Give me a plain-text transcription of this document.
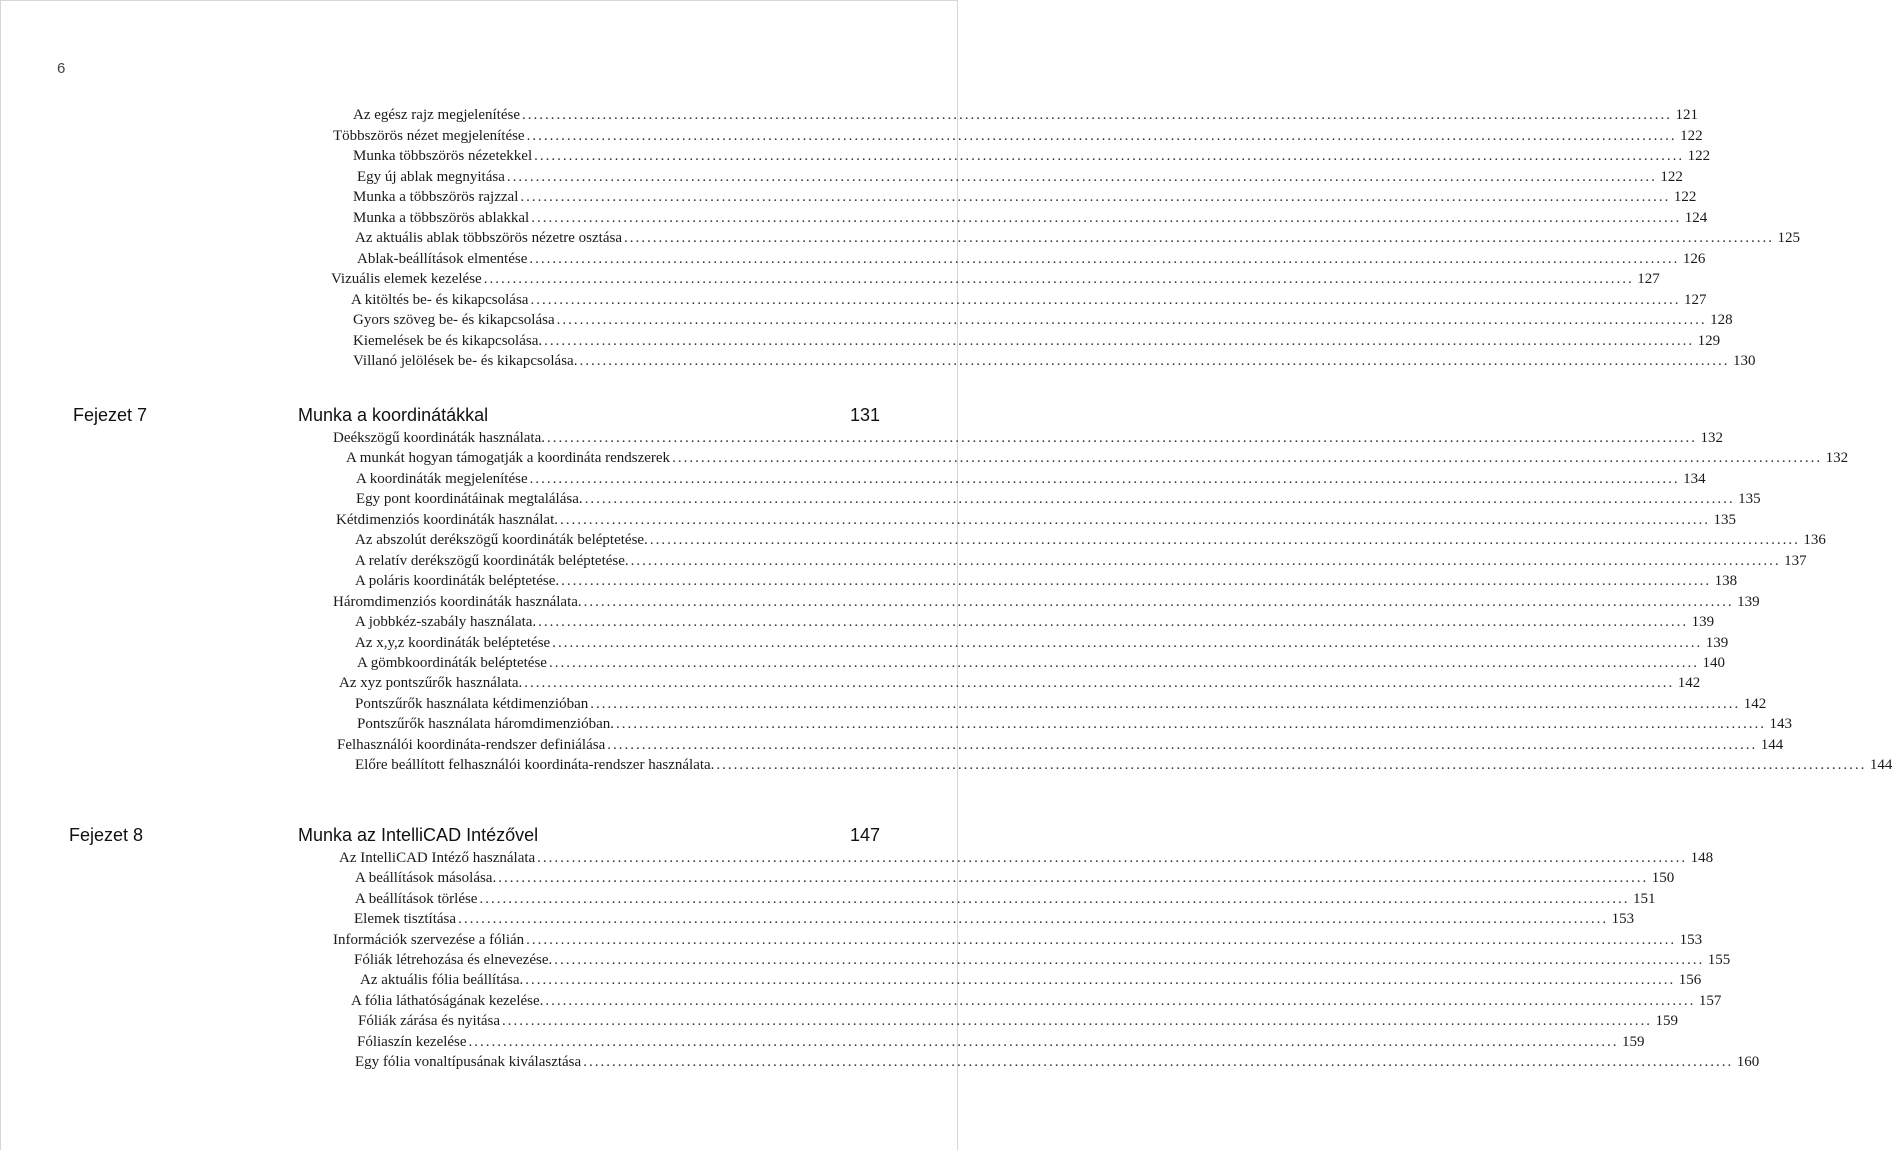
6
Az egész rajz megjelenítése ........................................................................................................................................................................................................ 121
Többszörös nézet megjelenítése ........................................................................................................................................................................................................ 122
Munka többszörös nézetekkel ........................................................................................................................................................................................................ 122
Egy új ablak megnyitása ........................................................................................................................................................................................................ 122
Munka a többszörös rajzzal ........................................................................................................................................................................................................ 122
Munka a többszörös ablakkal ........................................................................................................................................................................................................ 124
Az aktuális ablak többszörös nézetre osztása ........................................................................................................................................................................................................ 125
Ablak-beállítások elmentése ........................................................................................................................................................................................................ 126
Vizuális elemek kezelése ........................................................................................................................................................................................................ 127
A kitöltés be- és kikapcsolása ........................................................................................................................................................................................................ 127
Gyors szöveg be- és kikapcsolása ........................................................................................................................................................................................................ 128
Kiemelések be és kikapcsolása. ........................................................................................................................................................................................................ 129
Villanó jelölések be- és kikapcsolása. ........................................................................................................................................................................................................ 130
Fejezet 7	Munka a koordinátákkal	131
Deékszögű koordináták használata. ........................................................................................................................................................................................................ 132
A munkát hogyan támogatják a koordináta rendszerek ........................................................................................................................................................................................................ 132
A koordináták megjelenítése ........................................................................................................................................................................................................ 134
Egy pont koordinátáinak megtalálása. ........................................................................................................................................................................................................ 135
Kétdimenziós koordináták használat. ........................................................................................................................................................................................................ 135
Az abszolút derékszögű koordináták beléptetése. ........................................................................................................................................................................................................ 136
A relatív derékszögű koordináták beléptetése. ........................................................................................................................................................................................................ 137
A poláris koordináták beléptetése. ........................................................................................................................................................................................................ 138
Háromdimenziós koordináták használata. ........................................................................................................................................................................................................ 139
A jobbkéz-szabály használata. ........................................................................................................................................................................................................ 139
Az x,y,z koordináták beléptetése ........................................................................................................................................................................................................ 139
A gömbkoordináták beléptetése ........................................................................................................................................................................................................ 140
Az xyz pontszűrők használata. ........................................................................................................................................................................................................ 142
Pontszűrők használata kétdimenzióban ........................................................................................................................................................................................................ 142
Pontszűrők használata háromdimenzióban. ........................................................................................................................................................................................................ 143
Felhasználói koordináta-rendszer definiálása ........................................................................................................................................................................................................ 144
Előre beállított felhasználói koordináta-rendszer használata. ........................................................................................................................................................................................................ 144
Fejezet 8	Munka az IntelliCAD Intézővel	147
Az IntelliCAD Intéző használata ........................................................................................................................................................................................................ 148
A beállítások másolása. ........................................................................................................................................................................................................ 150
A beállítások törlése ........................................................................................................................................................................................................ 151
Elemek tisztítása ........................................................................................................................................................................................................ 153
Információk szervezése a fólián ........................................................................................................................................................................................................ 153
Fóliák létrehozása és elnevezése. ........................................................................................................................................................................................................ 155
Az aktuális fólia beállítása. ........................................................................................................................................................................................................ 156
A fólia láthatóságának kezelése. ........................................................................................................................................................................................................ 157
Fóliák zárása és nyitása ........................................................................................................................................................................................................ 159
Fóliaszín kezelése ........................................................................................................................................................................................................ 159
Egy fólia vonaltípusának kiválasztása ........................................................................................................................................................................................................ 160
